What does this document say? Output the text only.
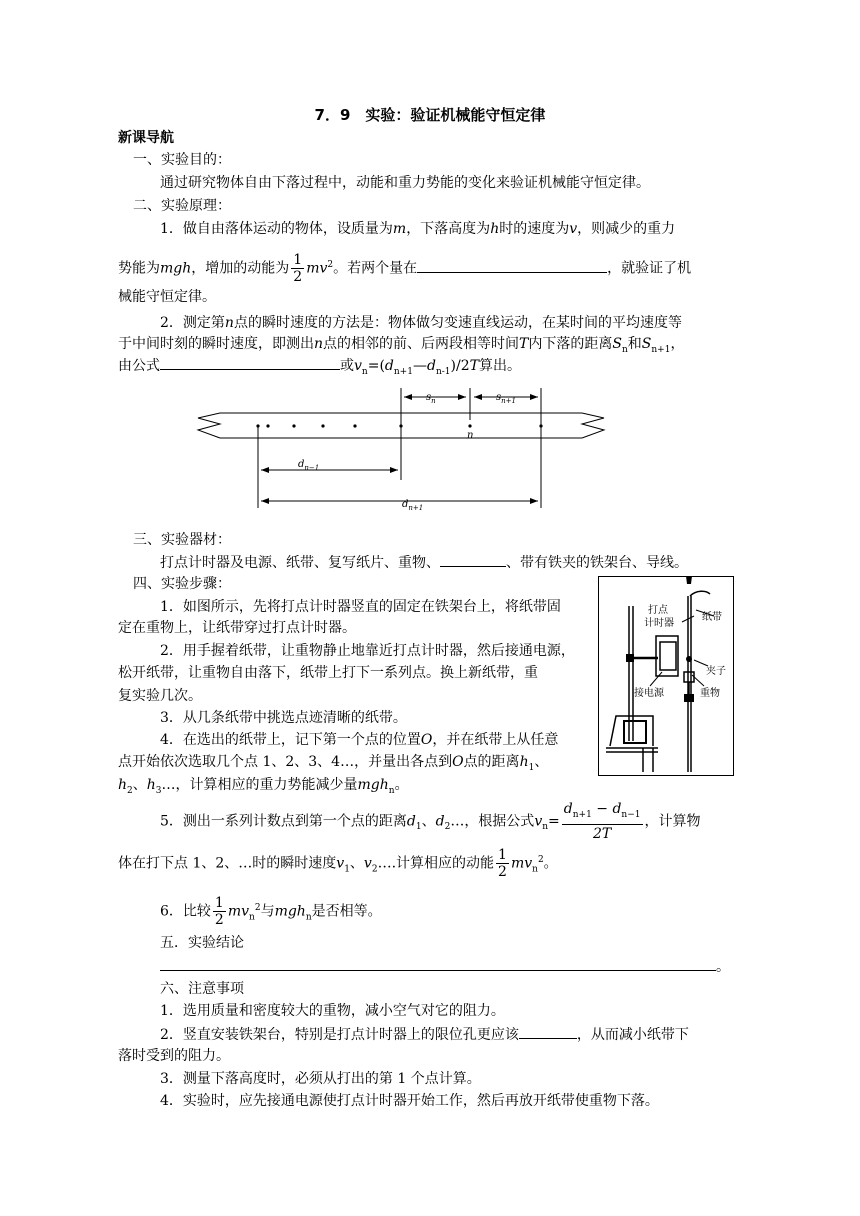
7．9　实验：验证机械能守恒定律
新课导航
一、实验目的：
通过研究物体自由下落过程中，动能和重力势能的变化来验证机械能守恒定律。
二、实验原理：
1．做自由落体运动的物体，设质量为m，下落高度为h时的速度为v，则减少的重力
势能为mgh，增加的动能为 $\frac{1}{2} mv^2$。若两个量在	，就验证了机
械能守恒定律。
2．测定第n点的瞬时速度的方法是：物体做匀变速直线运动，在某时间的平均速度等
于中间时刻的瞬时速度，即测出n点的相邻的前、后两段相等时间T内下落的距离$S_n$和$S_{n+1}$，
由公式	或$v_n=(d_{n+1}—d_{n-1})/2T$算出。
$s_n$	$s_{n+1}$
n
$d_{n-1}$
$d_{n+1}$
三、实验器材：
打点计时器及电源、纸带、复写纸片、重物、	、带有铁夹的铁架台、导线。
四、实验步骤：
1．如图所示，先将打点计时器竖直的固定在铁架台上，将纸带固
定在重物上，让纸带穿过打点计时器。
2．用手握着纸带，让重物静止地靠近打点计时器，然后接通电源，
松开纸带，让重物自由落下，纸带上打下一系列点。换上新纸带，重
复实验几次。
3．从几条纸带中挑选点迹清晰的纸带。
4．在选出的纸带上，记下第一个点的位置O，并在纸带上从任意
点开始依次选取几个点 1、2、3、4…，并量出各点到O点的距离$h_1$、
$h_2$、$h_3\dots$，计算相应的重力势能减少量mgh$_n$。
打点
计时器
纸带
夹子
接电源	重物
5．测出一系列计数点到第一个点的距离$d_1$、$d_2\dots$，根据公式$v_n= \frac{d_{n+1} - d_{n-1}}{2T}$ ，计算物
体在打下点 1、2、…时的瞬时速度$v_1$、$v_2\dots$.计算相应的动能 $\frac{1}{2} mv_n^2$。
6．比较 $\frac{1}{2} mv_n^2$与mgh$_n$是否相等。
五．实验结论
。
六、注意事项
1．选用质量和密度较大的重物，减小空气对它的阻力。
2．竖直安装铁架台，特别是打点计时器上的限位孔更应该	，从而减小纸带下
落时受到的阻力。
3．测量下落高度时，必须从打出的第 1 个点计算。
4．实验时，应先接通电源使打点计时器开始工作，然后再放开纸带使重物下落。
